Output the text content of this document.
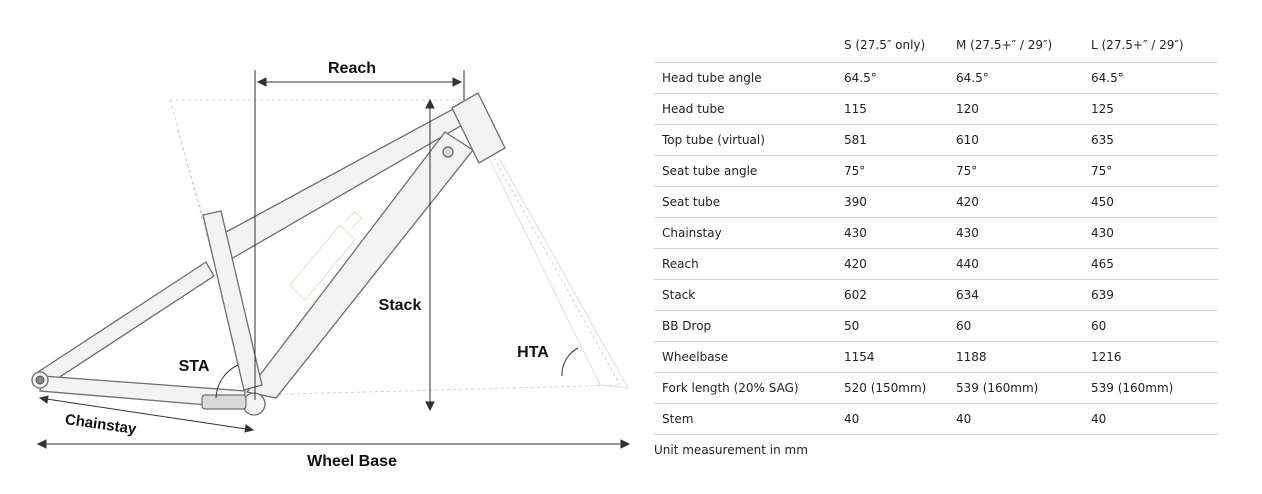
Reach
Stack
STA
HTA
Chainstay
Wheel Base
	S (27.5″ only)	M (27.5+″ / 29″)	L (27.5+″ / 29″)
Head tube angle	64.5°	64.5°	64.5°
Head tube	115	120	125
Top tube (virtual)	581	610	635
Seat tube angle	75°	75°	75°
Seat tube	390	420	450
Chainstay	430	430	430
Reach	420	440	465
Stack	602	634	639
BB Drop	50	60	60
Wheelbase	1154	1188	1216
Fork length (20% SAG)	520 (150mm)	539 (160mm)	539 (160mm)
Stem	40	40	40
Unit measurement in mm
